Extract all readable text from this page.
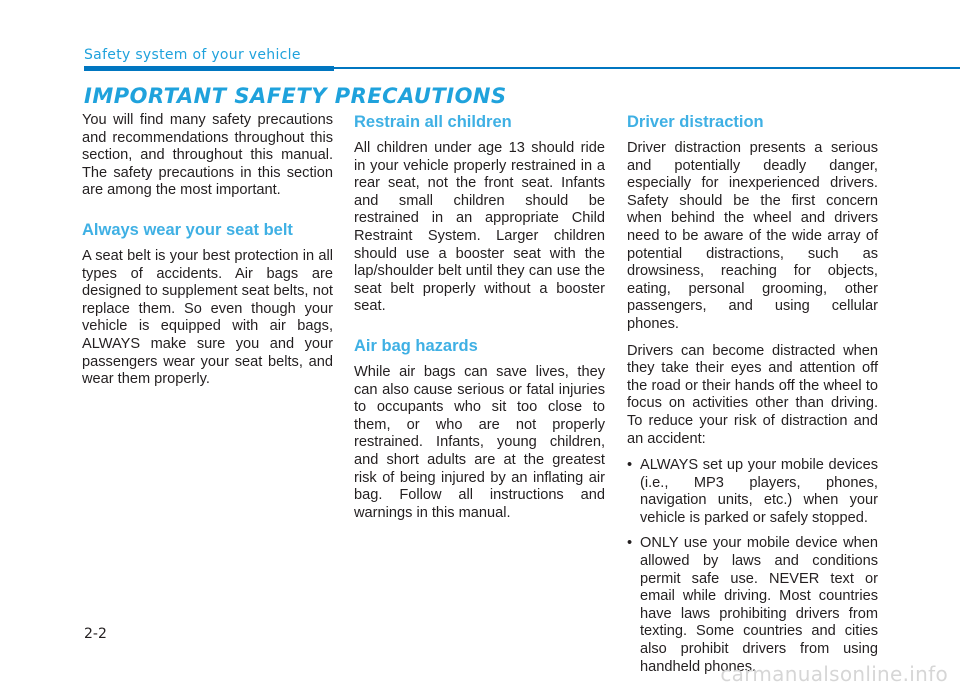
Safety system of your vehicle
IMPORTANT SAFETY PRECAUTIONS

You will find many safety precautions and recommendations throughout this section, and throughout this manual. The safety precautions in this section are among the most important.

Always wear your seat belt

A seat belt is your best protection in all types of accidents. Air bags are designed to supplement seat belts, not replace them. So even though your vehicle is equipped with air bags, ALWAYS make sure you and your passengers wear your seat belts, and wear them properly.

Restrain all children

All children under age 13 should ride in your vehicle properly restrained in a rear seat, not the front seat. Infants and small children should be restrained in an appropriate Child Restraint System. Larger children should use a booster seat with the lap/shoulder belt until they can use the seat belt properly without a booster seat.

Air bag hazards

While air bags can save lives, they can also cause serious or fatal injuries to occupants who sit too close to them, or who are not properly restrained. Infants, young children, and short adults are at the greatest risk of being injured by an inflating air bag. Follow all instructions and warnings in this manual.

Driver distraction

Driver distraction presents a serious and potentially deadly danger, especially for inexperienced drivers. Safety should be the first concern when behind the wheel and drivers need to be aware of the wide array of potential distractions, such as drowsiness, reaching for objects, eating, personal grooming, other passengers, and using cellular phones.

Drivers can become distracted when they take their eyes and attention off the road or their hands off the wheel to focus on activities other than driving. To reduce your risk of distraction and an accident:

• ALWAYS set up your mobile devices (i.e., MP3 players, phones, navigation units, etc.) when your vehicle is parked or safely stopped.
• ONLY use your mobile device when allowed by laws and conditions permit safe use. NEVER text or email while driving. Most countries have laws prohibiting drivers from texting. Some countries and cities also prohibit drivers from using handheld phones.
2-2
carmanualsonline.info
